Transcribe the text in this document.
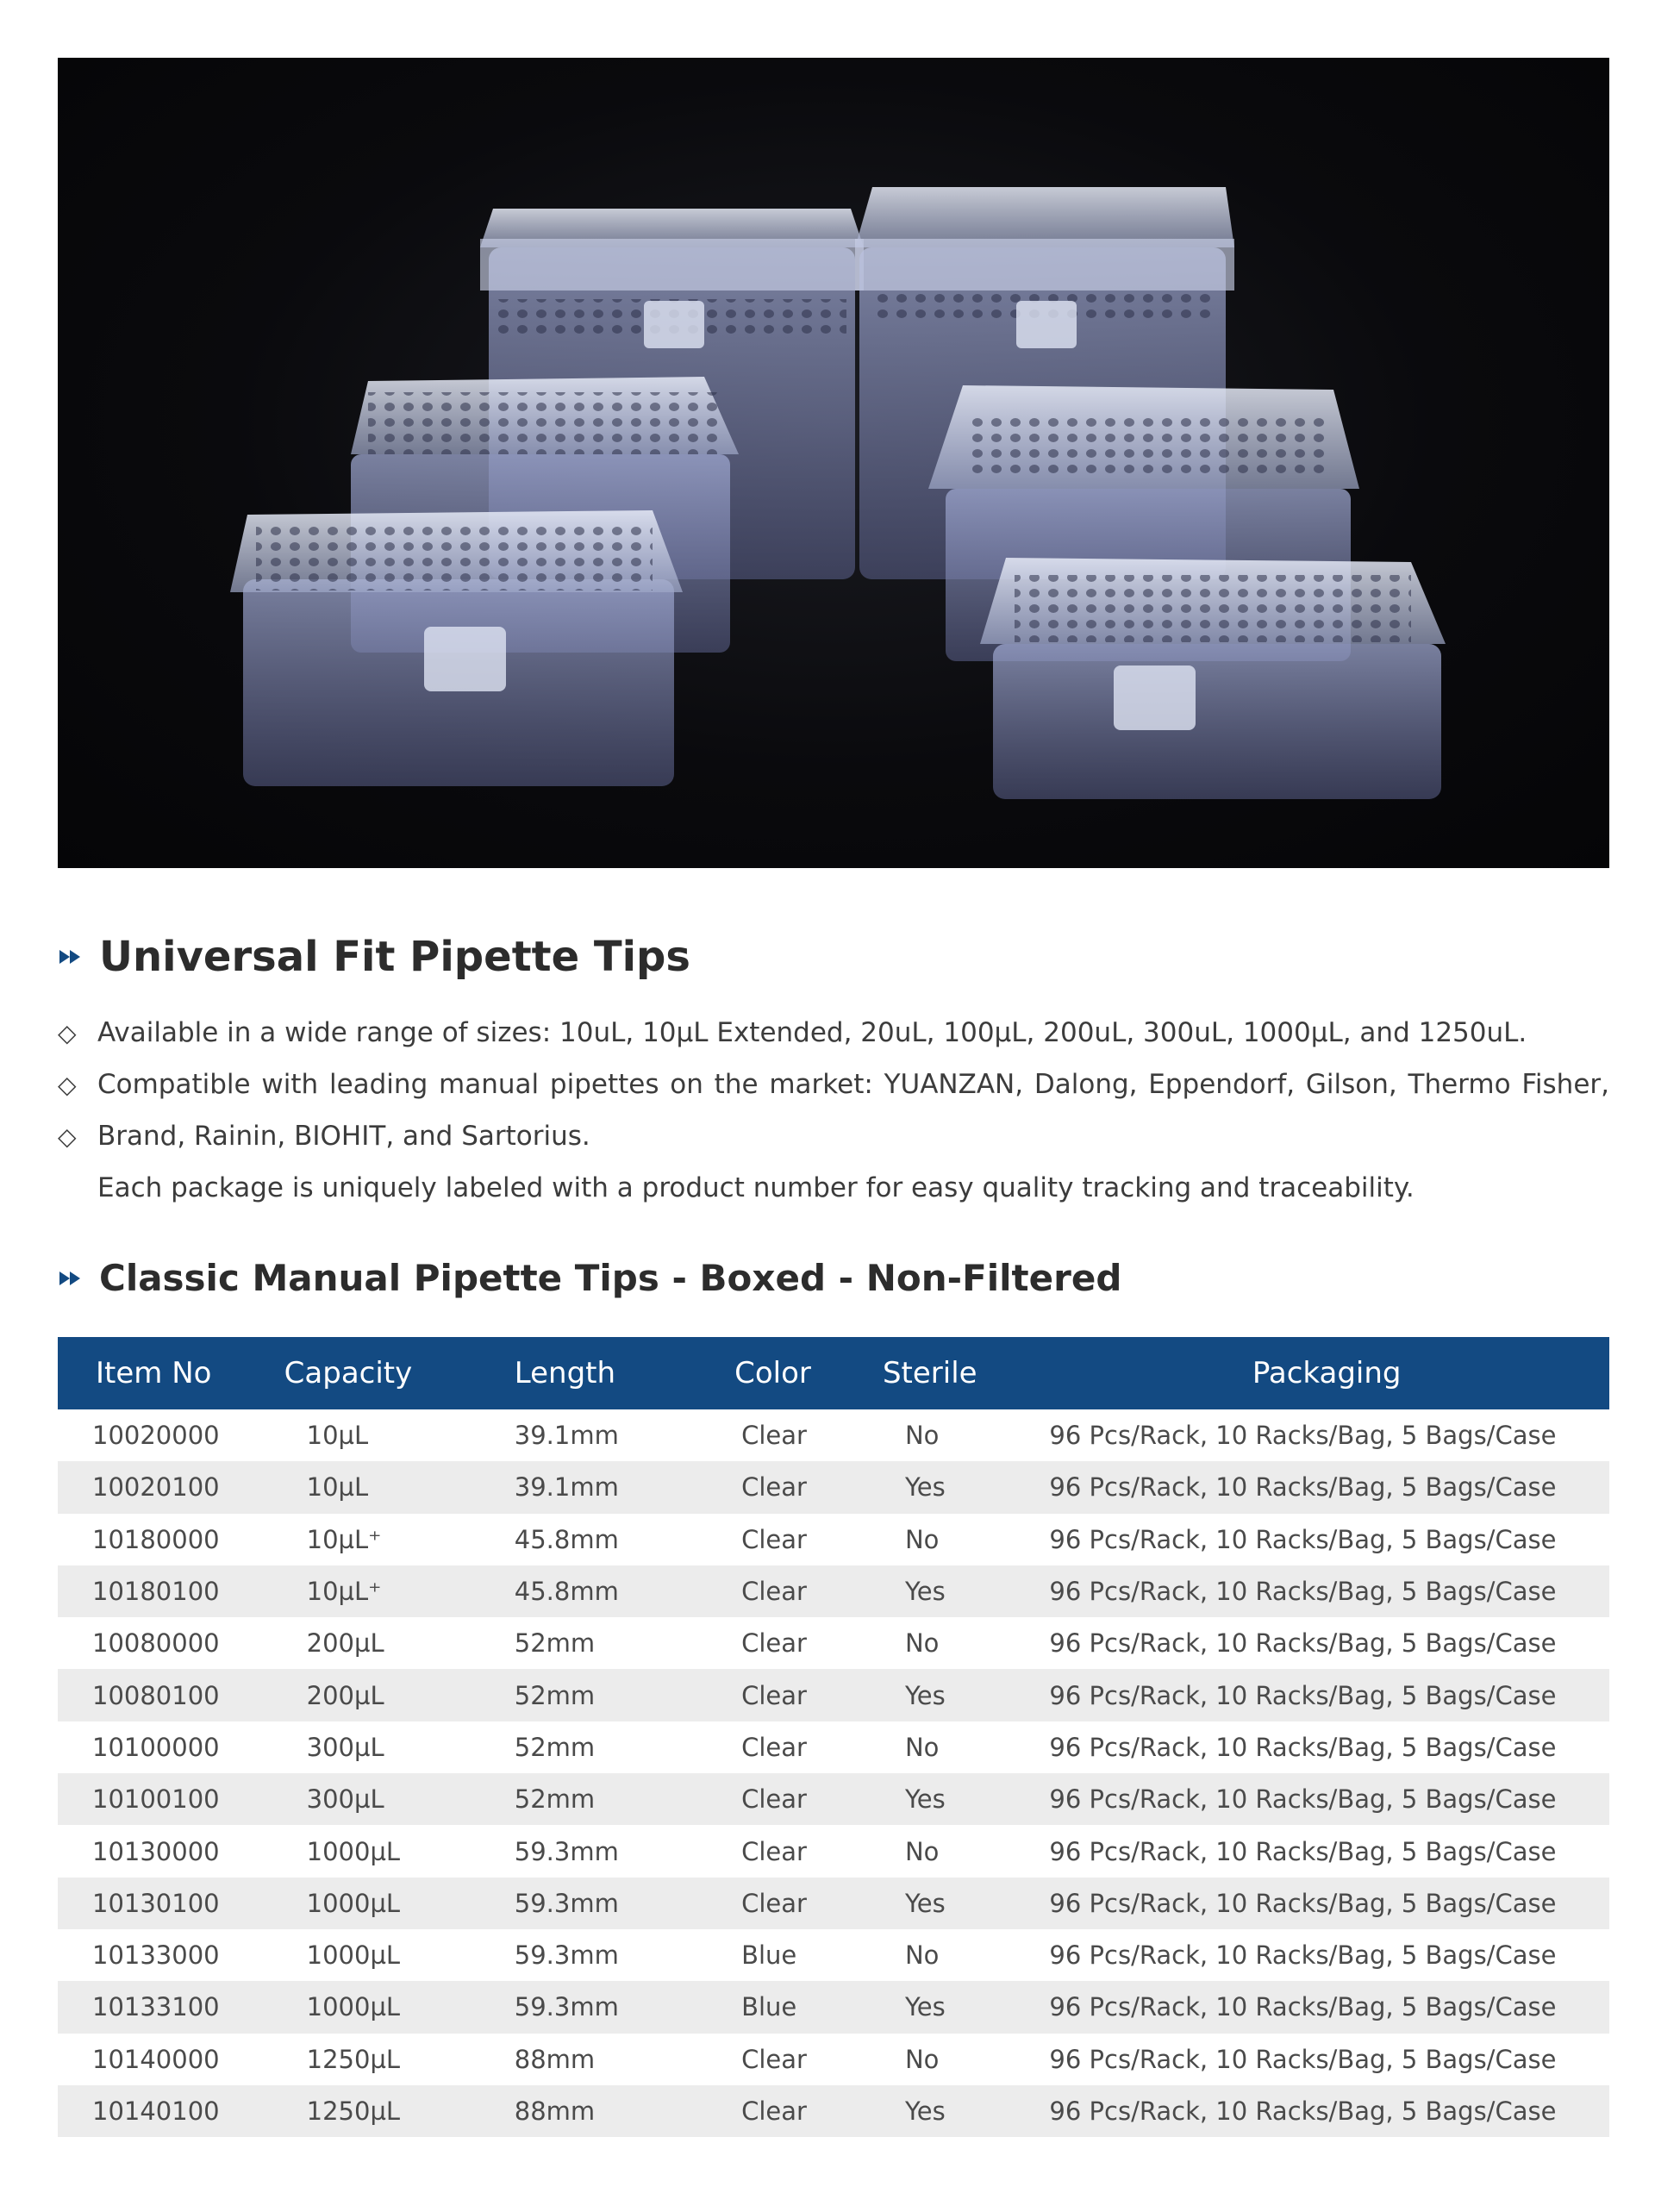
Universal Fit Pipette Tips
◇ Available in a wide range of sizes: 10uL, 10µL Extended, 20uL, 100µL, 200uL, 300uL, 1000µL, and 1250uL.
◇ Compatible with leading manual pipettes on the market: YUANZAN, Dalong, Eppendorf, Gilson, Thermo Fisher,
◇ Brand, Rainin, BIOHIT, and Sartorius.
Each package is uniquely labeled with a product number for easy quality tracking and traceability.
Classic Manual Pipette Tips - Boxed - Non-Filtered
Item No	Capacity	Length	Color	Sterile	Packaging
10020000	10µL	39.1mm	Clear	No	96 Pcs/Rack, 10 Racks/Bag, 5 Bags/Case
10020100	10µL	39.1mm	Clear	Yes	96 Pcs/Rack, 10 Racks/Bag, 5 Bags/Case
10180000	10µL⁺	45.8mm	Clear	No	96 Pcs/Rack, 10 Racks/Bag, 5 Bags/Case
10180100	10µL⁺	45.8mm	Clear	Yes	96 Pcs/Rack, 10 Racks/Bag, 5 Bags/Case
10080000	200µL	52mm	Clear	No	96 Pcs/Rack, 10 Racks/Bag, 5 Bags/Case
10080100	200µL	52mm	Clear	Yes	96 Pcs/Rack, 10 Racks/Bag, 5 Bags/Case
10100000	300µL	52mm	Clear	No	96 Pcs/Rack, 10 Racks/Bag, 5 Bags/Case
10100100	300µL	52mm	Clear	Yes	96 Pcs/Rack, 10 Racks/Bag, 5 Bags/Case
10130000	1000µL	59.3mm	Clear	No	96 Pcs/Rack, 10 Racks/Bag, 5 Bags/Case
10130100	1000µL	59.3mm	Clear	Yes	96 Pcs/Rack, 10 Racks/Bag, 5 Bags/Case
10133000	1000µL	59.3mm	Blue	No	96 Pcs/Rack, 10 Racks/Bag, 5 Bags/Case
10133100	1000µL	59.3mm	Blue	Yes	96 Pcs/Rack, 10 Racks/Bag, 5 Bags/Case
10140000	1250µL	88mm	Clear	No	96 Pcs/Rack, 10 Racks/Bag, 5 Bags/Case
10140100	1250µL	88mm	Clear	Yes	96 Pcs/Rack, 10 Racks/Bag, 5 Bags/Case
